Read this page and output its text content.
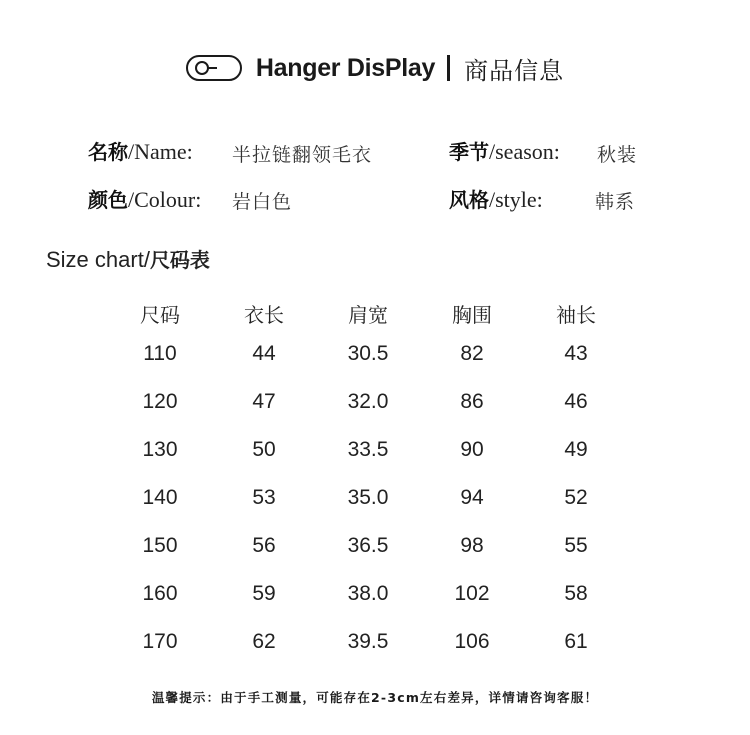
Hanger DisPlay 商品信息
名称 /Name: 半拉链翻领毛衣	季节 /season: 秋装
颜色 /Colour: 岩白色	风格 /style:	韩系
Size chart/尺码表
尺码	衣长	肩宽	胸围	袖长
110	44	30.5	82	43
120	47	32.0	86	46
130	50	33.5	90	49
140	53	35.0	94	52
150	56	36.5	98	55
160	59	38.0	102	58
170	62	39.5	106	61
温馨提示：由于手工测量，可能存在2-3cm左右差异，详情请咨询客服！
